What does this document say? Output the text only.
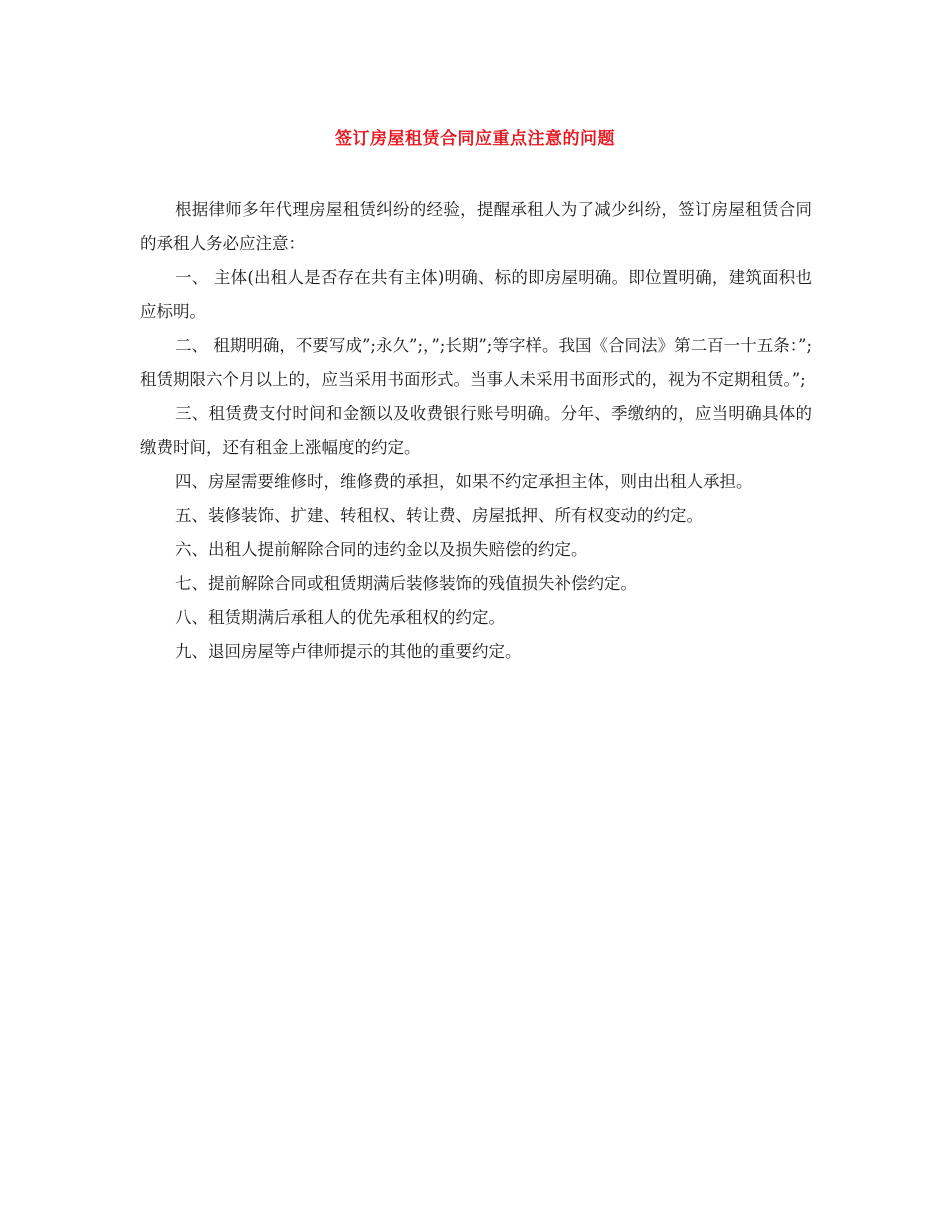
签订房屋租赁合同应重点注意的问题

根据律师多年代理房屋租赁纠纷的经验，提醒承租人为了减少纠纷，签订房屋租赁合同的承租人务必应注意：

一、 主体(出租人是否存在共有主体)明确、标的即房屋明确。即位置明确，建筑面积也应标明。

二、 租期明确，不要写成”;永久”;，”;长期”;等字样。我国《合同法》第二百一十五条：”;租赁期限六个月以上的，应当采用书面形式。当事人未采用书面形式的，视为不定期租赁。”;

三、租赁费支付时间和金额以及收费银行账号明确。分年、季缴纳的，应当明确具体的缴费时间，还有租金上涨幅度的约定。

四、房屋需要维修时，维修费的承担，如果不约定承担主体，则由出租人承担。

五、装修装饰、扩建、转租权、转让费、房屋抵押、所有权变动的约定。

六、出租人提前解除合同的违约金以及损失赔偿的约定。

七、提前解除合同或租赁期满后装修装饰的残值损失补偿约定。

八、租赁期满后承租人的优先承租权的约定。

九、退回房屋等卢律师提示的其他的重要约定。
